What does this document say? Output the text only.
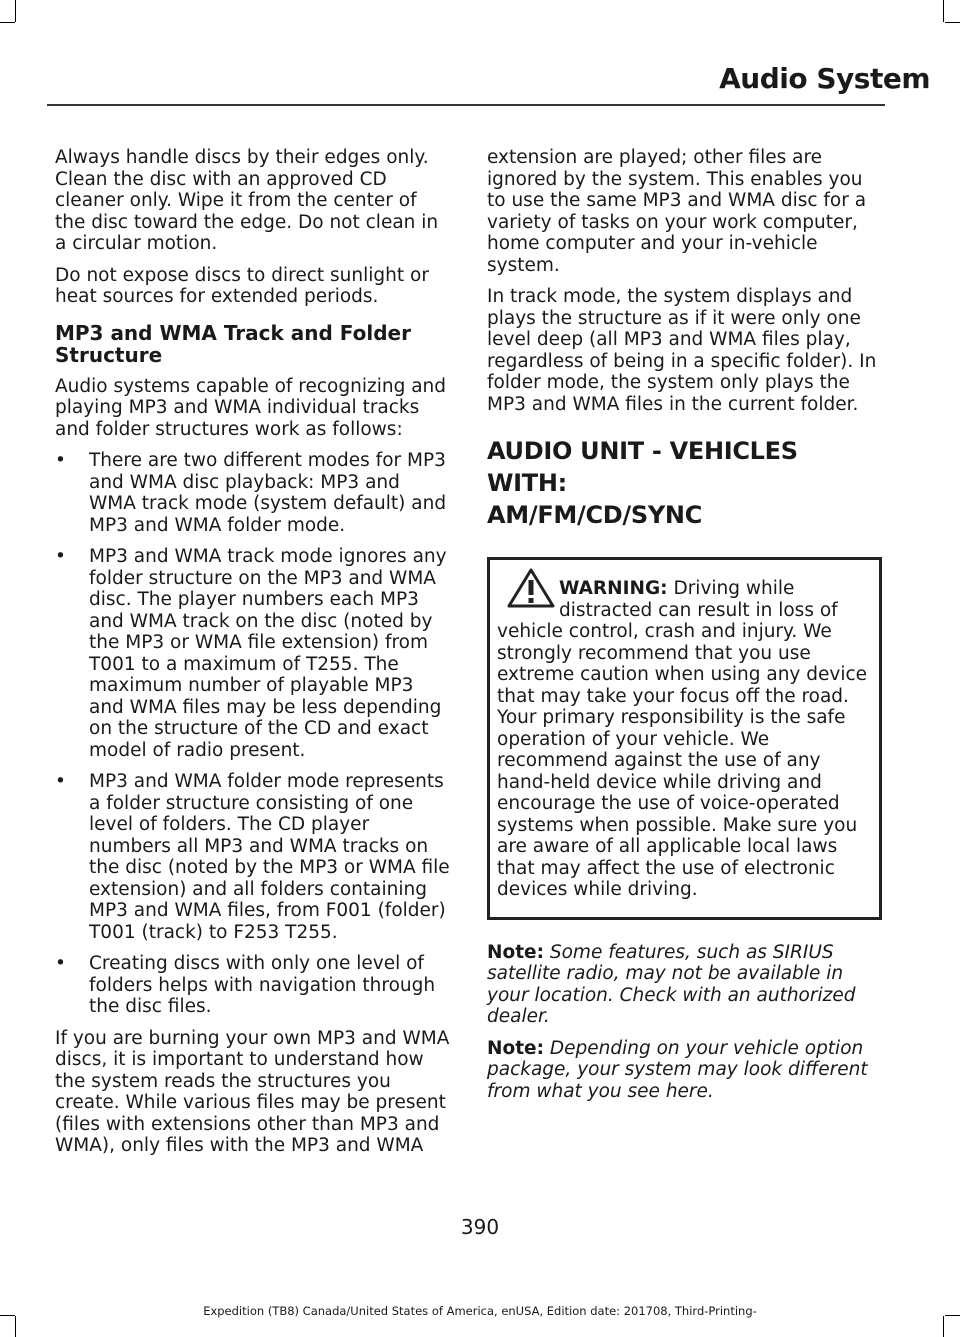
Audio System

Always handle discs by their edges only. Clean the disc with an approved CD cleaner only. Wipe it from the center of the disc toward the edge. Do not clean in a circular motion.

Do not expose discs to direct sunlight or heat sources for extended periods.

MP3 and WMA Track and Folder Structure

Audio systems capable of recognizing and playing MP3 and WMA individual tracks and folder structures work as follows:

• There are two different modes for MP3 and WMA disc playback: MP3 and WMA track mode (system default) and MP3 and WMA folder mode.
• MP3 and WMA track mode ignores any folder structure on the MP3 and WMA disc. The player numbers each MP3 and WMA track on the disc (noted by the MP3 or WMA file extension) from T001 to a maximum of T255. The maximum number of playable MP3 and WMA files may be less depending on the structure of the CD and exact model of radio present.
• MP3 and WMA folder mode represents a folder structure consisting of one level of folders. The CD player numbers all MP3 and WMA tracks on the disc (noted by the MP3 or WMA file extension) and all folders containing MP3 and WMA files, from F001 (folder) T001 (track) to F253 T255.
• Creating discs with only one level of folders helps with navigation through the disc files.

If you are burning your own MP3 and WMA discs, it is important to understand how the system reads the structures you create. While various files may be present (files with extensions other than MP3 and WMA), only files with the MP3 and WMA

extension are played; other files are ignored by the system. This enables you to use the same MP3 and WMA disc for a variety of tasks on your work computer, home computer and your in-vehicle system.

In track mode, the system displays and plays the structure as if it were only one level deep (all MP3 and WMA files play, regardless of being in a specific folder). In folder mode, the system only plays the MP3 and WMA files in the current folder.

AUDIO UNIT - VEHICLES WITH:
AM/FM/CD/SYNC
WARNING: Driving while distracted can result in loss of vehicle control, crash and injury. We strongly recommend that you use extreme caution when using any device that may take your focus off the road. Your primary responsibility is the safe operation of your vehicle. We recommend against the use of any hand-held device while driving and encourage the use of voice-operated systems when possible. Make sure you are aware of all applicable local laws that may affect the use of electronic devices while driving.

Note: Some features, such as SIRIUS satellite radio, may not be available in your location. Check with an authorized dealer.

Note: Depending on your vehicle option package, your system may look different from what you see here.

390
Expedition (TB8) Canada/United States of America, enUSA, Edition date: 201708, Third-Printing-
